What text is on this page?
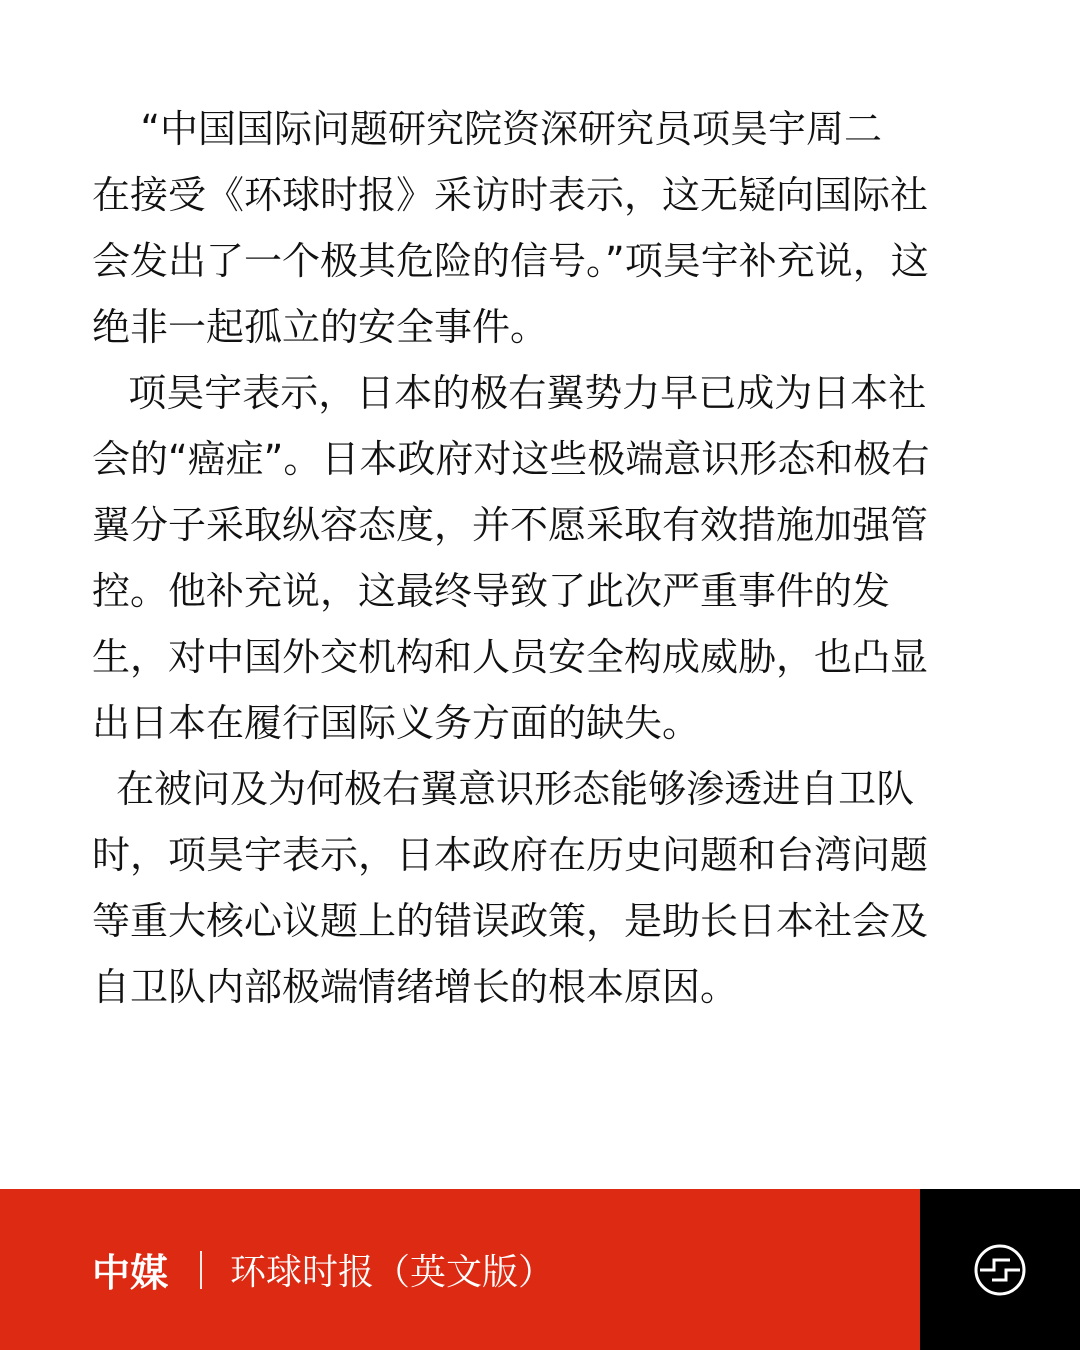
“中国国际问题研究院资深研究员项昊宇周二
在接受《环球时报》采访时表示，这无疑向国际社
会发出了一个极其危险的信号。”项昊宇补充说，这
绝非一起孤立的安全事件。
项昊宇表示，日本的极右翼势力早已成为日本社
会的“癌症”。日本政府对这些极端意识形态和极右
翼分子采取纵容态度，并不愿采取有效措施加强管
控。他补充说，这最终导致了此次严重事件的发
生，对中国外交机构和人员安全构成威胁，也凸显
出日本在履行国际义务方面的缺失。
在被问及为何极右翼意识形态能够渗透进自卫队
时，项昊宇表示，日本政府在历史问题和台湾问题
等重大核心议题上的错误政策，是助长日本社会及
自卫队内部极端情绪增长的根本原因。
中媒 环球时报（英文版）
